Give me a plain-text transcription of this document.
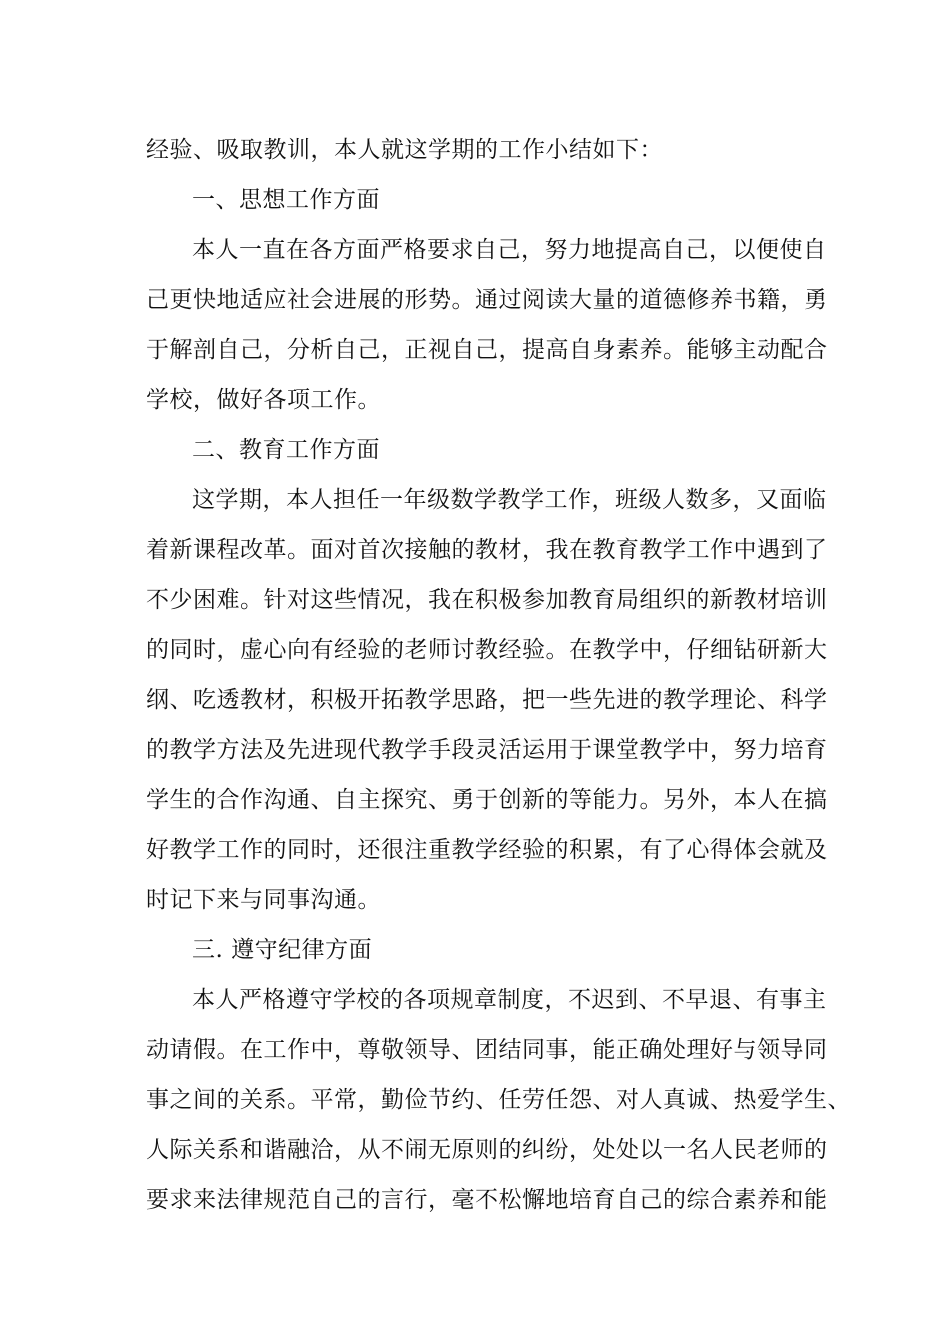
经验、吸取教训，本人就这学期的工作小结如下：
一、思想工作方面
本人一直在各方面严格要求自己，努力地提高自己，以便使自
己更快地适应社会进展的形势。通过阅读大量的道德修养书籍，勇
于解剖自己，分析自己，正视自己，提高自身素养。能够主动配合
学校，做好各项工作。
二、教育工作方面
这学期，本人担任一年级数学教学工作，班级人数多，又面临
着新课程改革。面对首次接触的教材，我在教育教学工作中遇到了
不少困难。针对这些情况，我在积极参加教育局组织的新教材培训
的同时，虚心向有经验的老师讨教经验。在教学中，仔细钻研新大
纲、吃透教材，积极开拓教学思路，把一些先进的教学理论、科学
的教学方法及先进现代教学手段灵活运用于课堂教学中，努力培育
学生的合作沟通、自主探究、勇于创新的等能力。另外，本人在搞
好教学工作的同时，还很注重教学经验的积累，有了心得体会就及
时记下来与同事沟通。
三. 遵守纪律方面
本人严格遵守学校的各项规章制度，不迟到、不早退、有事主
动请假。在工作中，尊敬领导、团结同事，能正确处理好与领导同
事之间的关系。平常，勤俭节约、任劳任怨、对人真诚、热爱学生、
人际关系和谐融洽，从不闹无原则的纠纷，处处以一名人民老师的
要求来法律规范自己的言行，毫不松懈地培育自己的综合素养和能
